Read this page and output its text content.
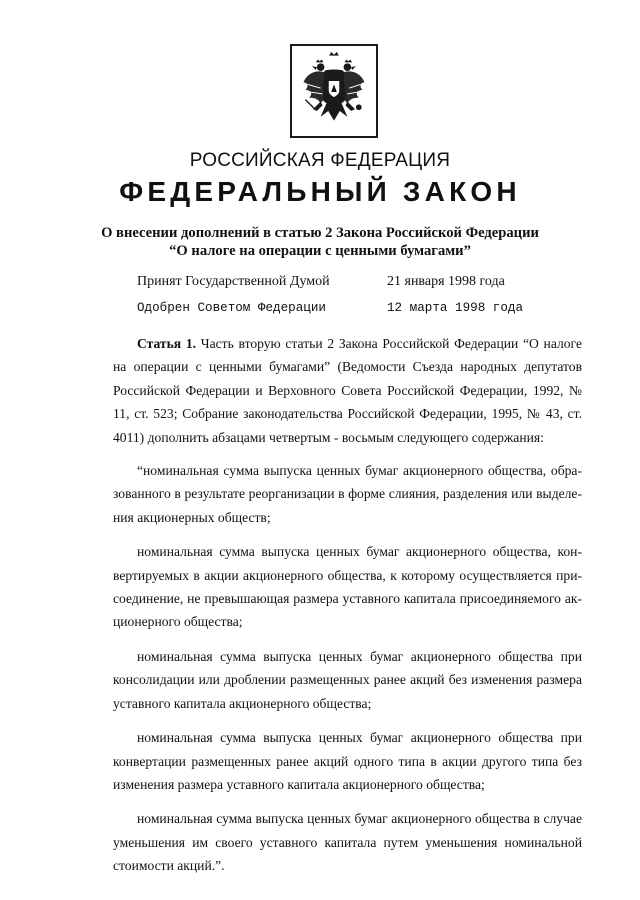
РОССИЙСКАЯ ФЕДЕРАЦИЯ
ФЕДЕРАЛЬНЫЙ ЗАКОН
О внесении дополнений в статью 2 Закона Российской Федерации
“О налоге на операции с ценными бумагами”
Принят Государственной Думой	21 января 1998 года
Одобрен Советом Федерации	12 марта 1998 года

Статья 1. Часть вторую статьи 2 Закона Российской Федерации “О налоге на операции с ценными бумагами” (Ведомости Съезда народных депутатов Российской Федерации и Верховного Совета Российской Федерации, 1992, № 11, ст. 523; Собрание законодательства Российской Федерации, 1995, № 43, ст. 4011) дополнить абзацами четвертым - восьмым следующего содержания:

“номинальная сумма выпуска ценных бумаг акционерного общества, образованного в результате реорганизации в форме слияния, разделения или выделения акционерных обществ;

номинальная сумма выпуска ценных бумаг акционерного общества, конвертируемых в акции акционерного общества, к которому осуществляется присоединение, не превышающая размера уставного капитала присоединяемого акционерного общества;

номинальная сумма выпуска ценных бумаг акционерного общества при консолидации или дроблении размещенных ранее акций без изменения размера уставного капитала акционерного общества;

номинальная сумма выпуска ценных бумаг акционерного общества при конвертации размещенных ранее акций одного типа в акции другого типа без изменения размера уставного капитала акционерного общества;

номинальная сумма выпуска ценных бумаг акционерного общества в случае уменьшения им своего уставного капитала путем уменьшения номинальной стоимости акций.”.
